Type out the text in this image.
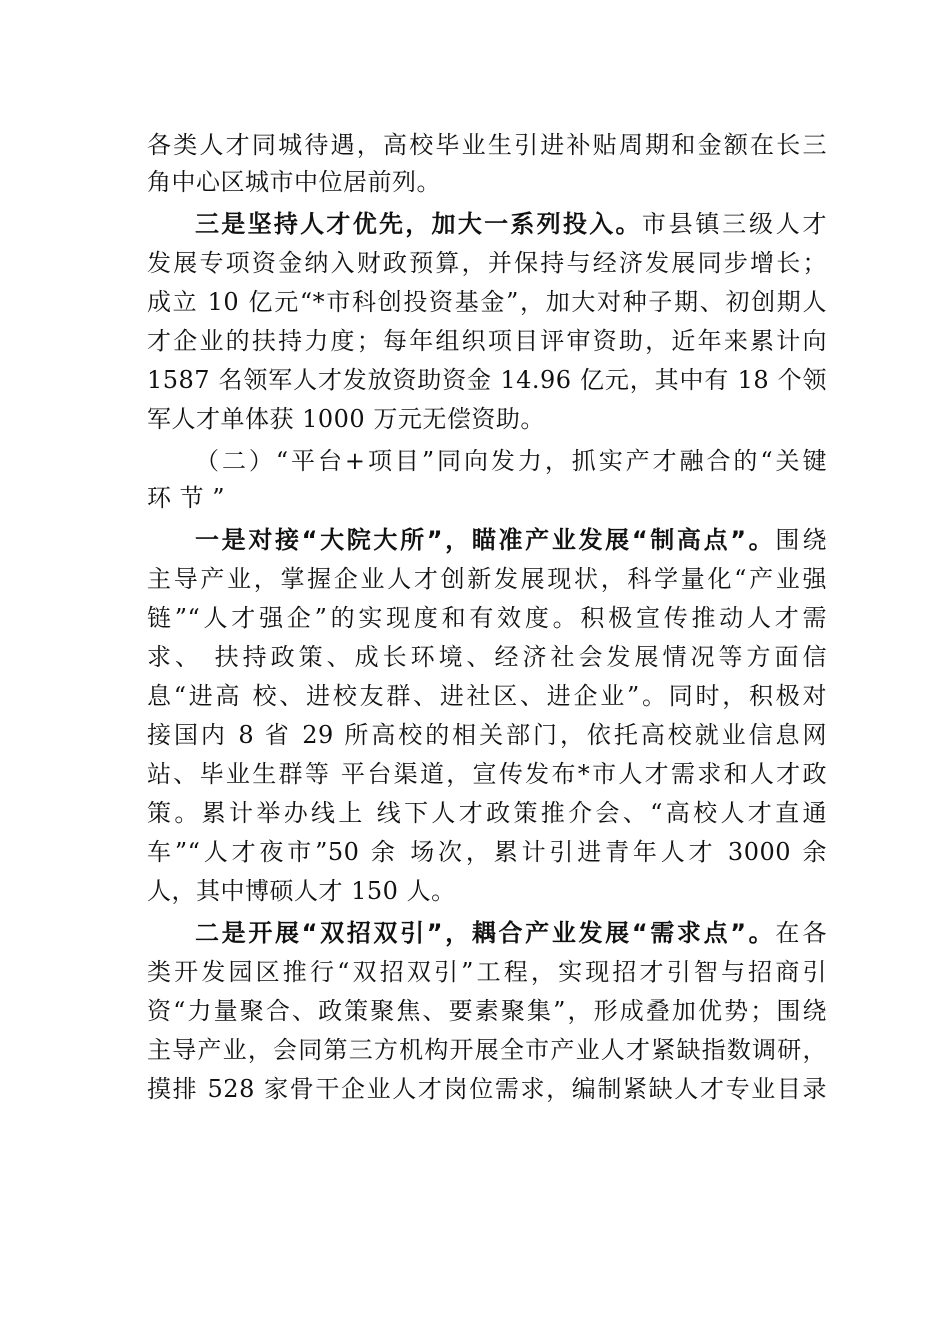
各类人才同城待遇，高校毕业生引进补贴周期和金额在长三
角中心区城市中位居前列。
三是坚持人才优先，加大一系列投入。市县镇三级人才
发展专项资金纳入财政预算，并保持与经济发展同步增长；
成立 10 亿元“*市科创投资基金”，加大对种子期、初创期人
才企业的扶持力度；每年组织项目评审资助，近年来累计向
1587 名领军人才发放资助资金 14.96 亿元，其中有 18 个领
军人才单体获 1000 万元无偿资助。
（二）“平台+项目”同向发力，抓实产才融合的“关键
环 节 ”
一是对接“大院大所”，瞄准产业发展“制高点”。围绕
主导产业，掌握企业人才创新发展现状，科学量化“产业强
链”“人才强企”的实现度和有效度。积极宣传推动人才需
求、 扶持政策、成长环境、经济社会发展情况等方面信
息“进高 校、进校友群、进社区、进企业”。同时，积极对
接国内 8 省 29 所高校的相关部门，依托高校就业信息网
站、毕业生群等 平台渠道，宣传发布*市人才需求和人才政
策。累计举办线上 线下人才政策推介会、“高校人才直通
车”“人才夜市”50 余 场次，累计引进青年人才 3000 余
人，其中博硕人才 150 人。
二是开展“双招双引”，耦合产业发展“需求点”。在各
类开发园区推行“双招双引”工程，实现招才引智与招商引
资“力量聚合、政策聚焦、要素聚集”，形成叠加优势；围绕
主导产业，会同第三方机构开展全市产业人才紧缺指数调研，
摸排 528 家骨干企业人才岗位需求，编制紧缺人才专业目录
